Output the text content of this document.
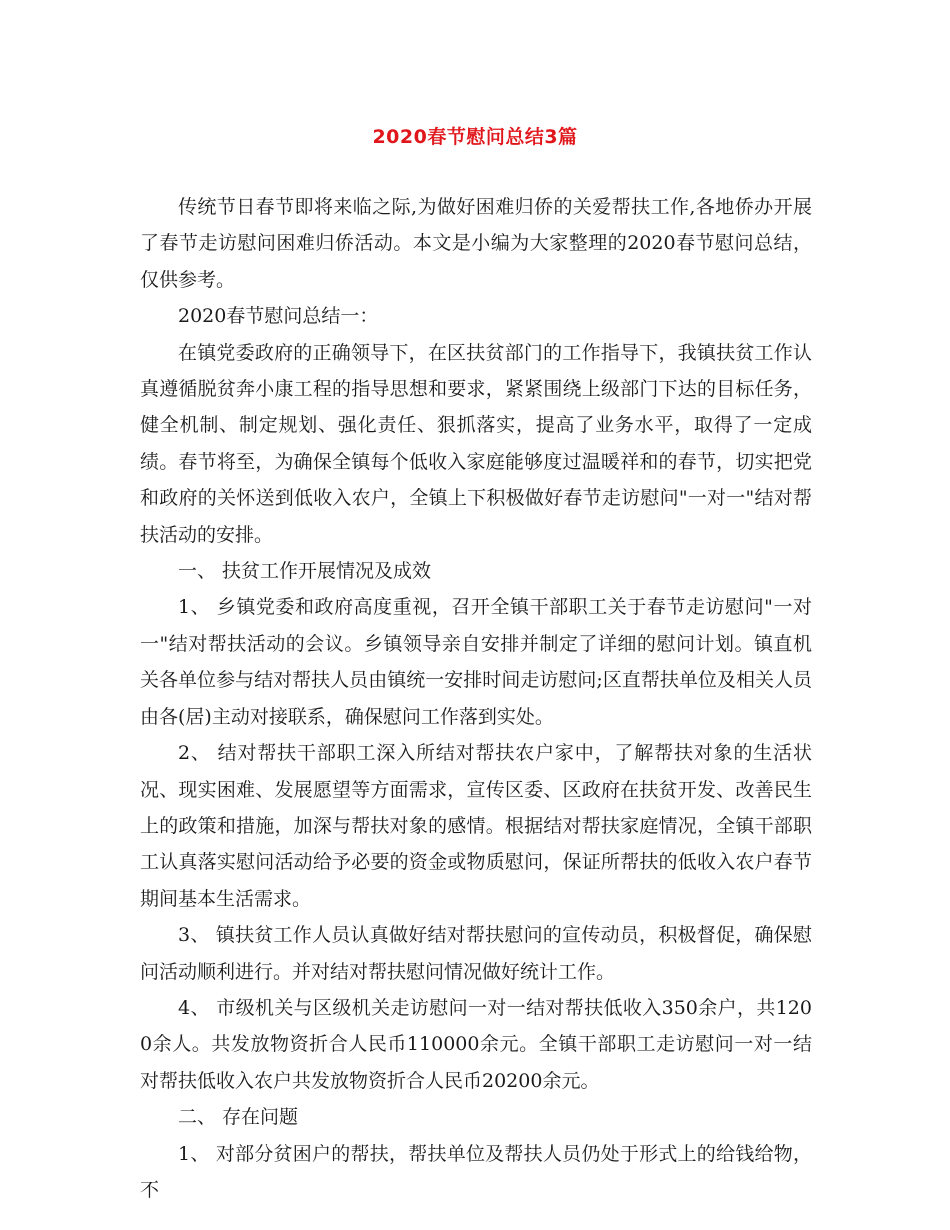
2020春节慰问总结3篇

传统节日春节即将来临之际,为做好困难归侨的关爱帮扶工作,各地侨办开展了春节走访慰问困难归侨活动。本文是小编为大家整理的2020春节慰问总结，仅供参考。

2020春节慰问总结一：

在镇党委政府的正确领导下，在区扶贫部门的工作指导下，我镇扶贫工作认真遵循脱贫奔小康工程的指导思想和要求，紧紧围绕上级部门下达的目标任务，健全机制、制定规划、强化责任、狠抓落实，提高了业务水平，取得了一定成绩。春节将至，为确保全镇每个低收入家庭能够度过温暖祥和的春节，切实把党和政府的关怀送到低收入农户，全镇上下积极做好春节走访慰问"一对一"结对帮扶活动的安排。

一、 扶贫工作开展情况及成效

1、 乡镇党委和政府高度重视，召开全镇干部职工关于春节走访慰问"一对一"结对帮扶活动的会议。乡镇领导亲自安排并制定了详细的慰问计划。镇直机关各单位参与结对帮扶人员由镇统一安排时间走访慰问;区直帮扶单位及相关人员由各(居)主动对接联系，确保慰问工作落到实处。

2、 结对帮扶干部职工深入所结对帮扶农户家中，了解帮扶对象的生活状况、现实困难、发展愿望等方面需求，宣传区委、区政府在扶贫开发、改善民生上的政策和措施，加深与帮扶对象的感情。根据结对帮扶家庭情况，全镇干部职工认真落实慰问活动给予必要的资金或物质慰问，保证所帮扶的低收入农户春节期间基本生活需求。

3、 镇扶贫工作人员认真做好结对帮扶慰问的宣传动员，积极督促，确保慰问活动顺利进行。并对结对帮扶慰问情况做好统计工作。

4、 市级机关与区级机关走访慰问一对一结对帮扶低收入350余户，共1200余人。共发放物资折合人民币110000余元。全镇干部职工走访慰问一对一结对帮扶低收入农户共发放物资折合人民币20200余元。

二、 存在问题

1、 对部分贫困户的帮扶，帮扶单位及帮扶人员仍处于形式上的给钱给物，不
